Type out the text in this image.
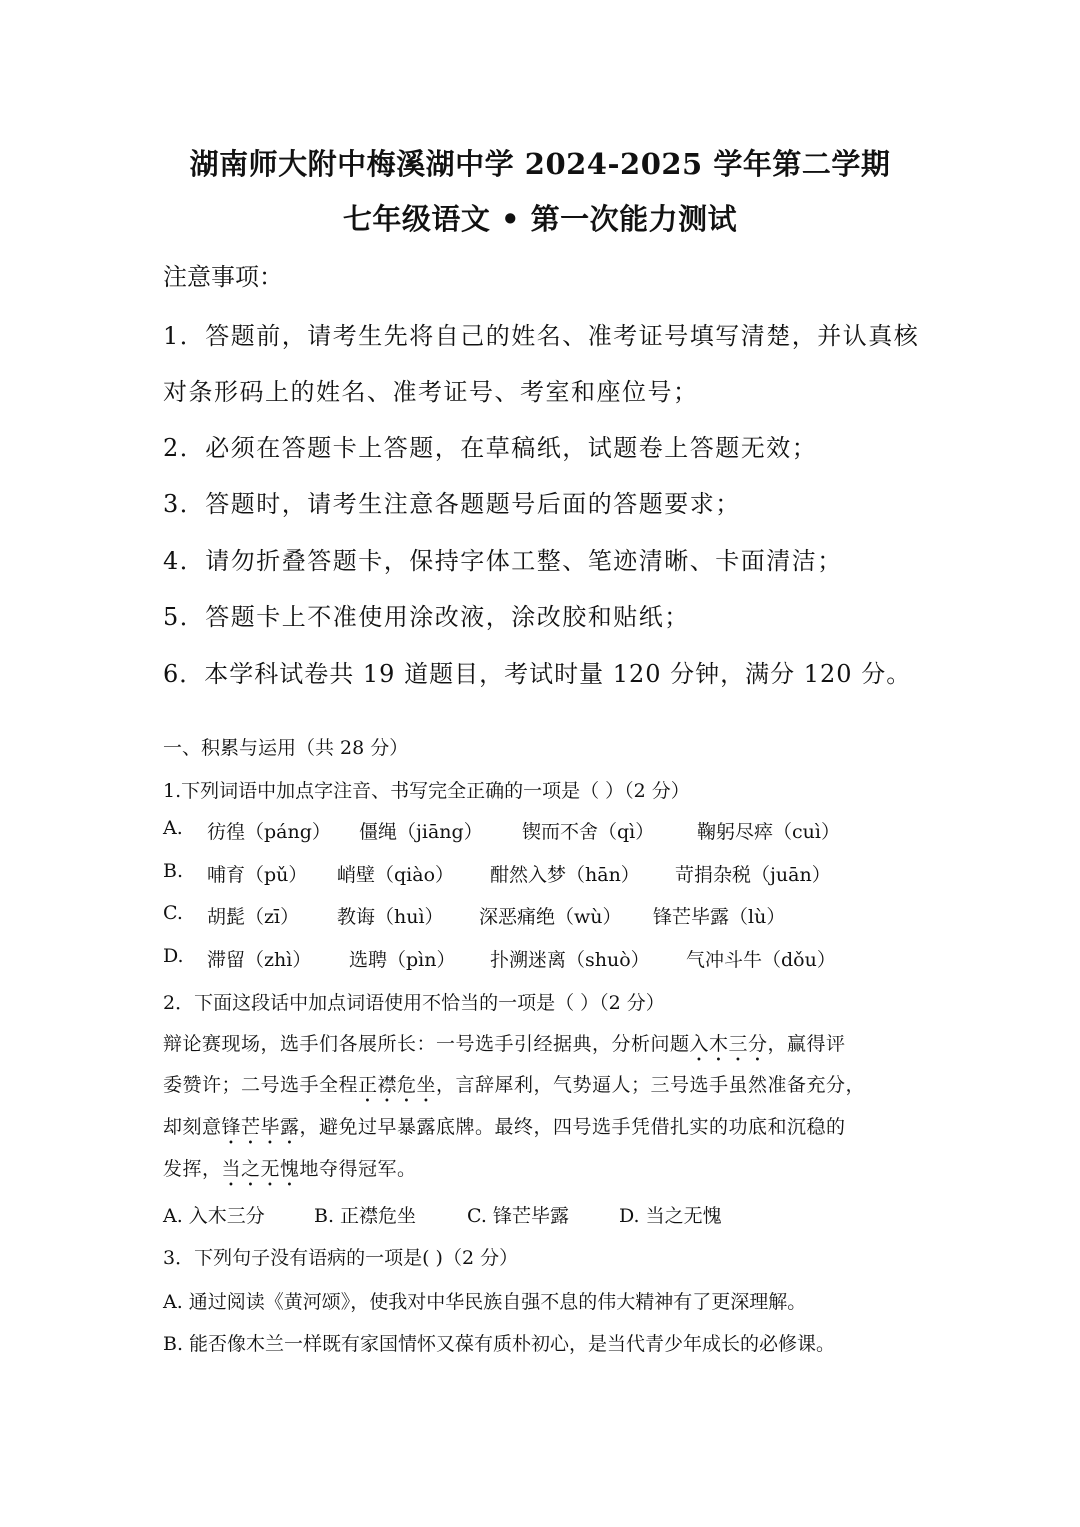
湖南师大附中梅溪湖中学 2024-2025 学年第二学期
七年级语文 • 第一次能力测试
注意事项：
1．答题前，请考生先将自己的姓名、准考证号填写清楚，并认真核
对条形码上的姓名、准考证号、考室和座位号；
2．必须在答题卡上答题，在草稿纸，试题卷上答题无效；
3．答题时，请考生注意各题题号后面的答题要求；
4．请勿折叠答题卡，保持字体工整、笔迹清晰、卡面清洁；
5．答题卡上不准使用涂改液，涂改胶和贴纸；
6．本学科试卷共 19 道题目，考试时量 120 分钟，满分 120 分。
一、积累与运用（共 28 分）
1.下列词语中加点字注音、书写完全正确的一项是（ ）（2 分）
A. 彷徨（páng） 僵绳（jiāng） 锲而不舍（qì） 鞠躬尽瘁（cuì）
B. 哺育（pǔ） 峭壁（qiào） 酣然入梦（hān） 苛捐杂税（juān）
C. 胡髭（zī） 教诲（huì） 深恶痛绝（wù） 锋芒毕露（lù）
D. 滞留（zhì） 选聘（pìn） 扑溯迷离（shuò） 气冲斗牛（dǒu）
2．下面这段话中加点词语使用不恰当的一项是（ ）（2 分）
辩论赛现场，选手们各展所长：一号选手引经据典，分析问题入木三分，赢得评
委赞许；二号选手全程正襟危坐，言辞犀利，气势逼人；三号选手虽然准备充分，
却刻意锋芒毕露，避免过早暴露底牌。最终，四号选手凭借扎实的功底和沉稳的
发挥，当之无愧地夺得冠军。
A. 入木三分	B. 正襟危坐	C. 锋芒毕露	D. 当之无愧
3．下列句子没有语病的一项是( )（2 分）
A. 通过阅读《黄河颂》，使我对中华民族自强不息的伟大精神有了更深理解。
B. 能否像木兰一样既有家国情怀又葆有质朴初心，是当代青少年成长的必修课。
